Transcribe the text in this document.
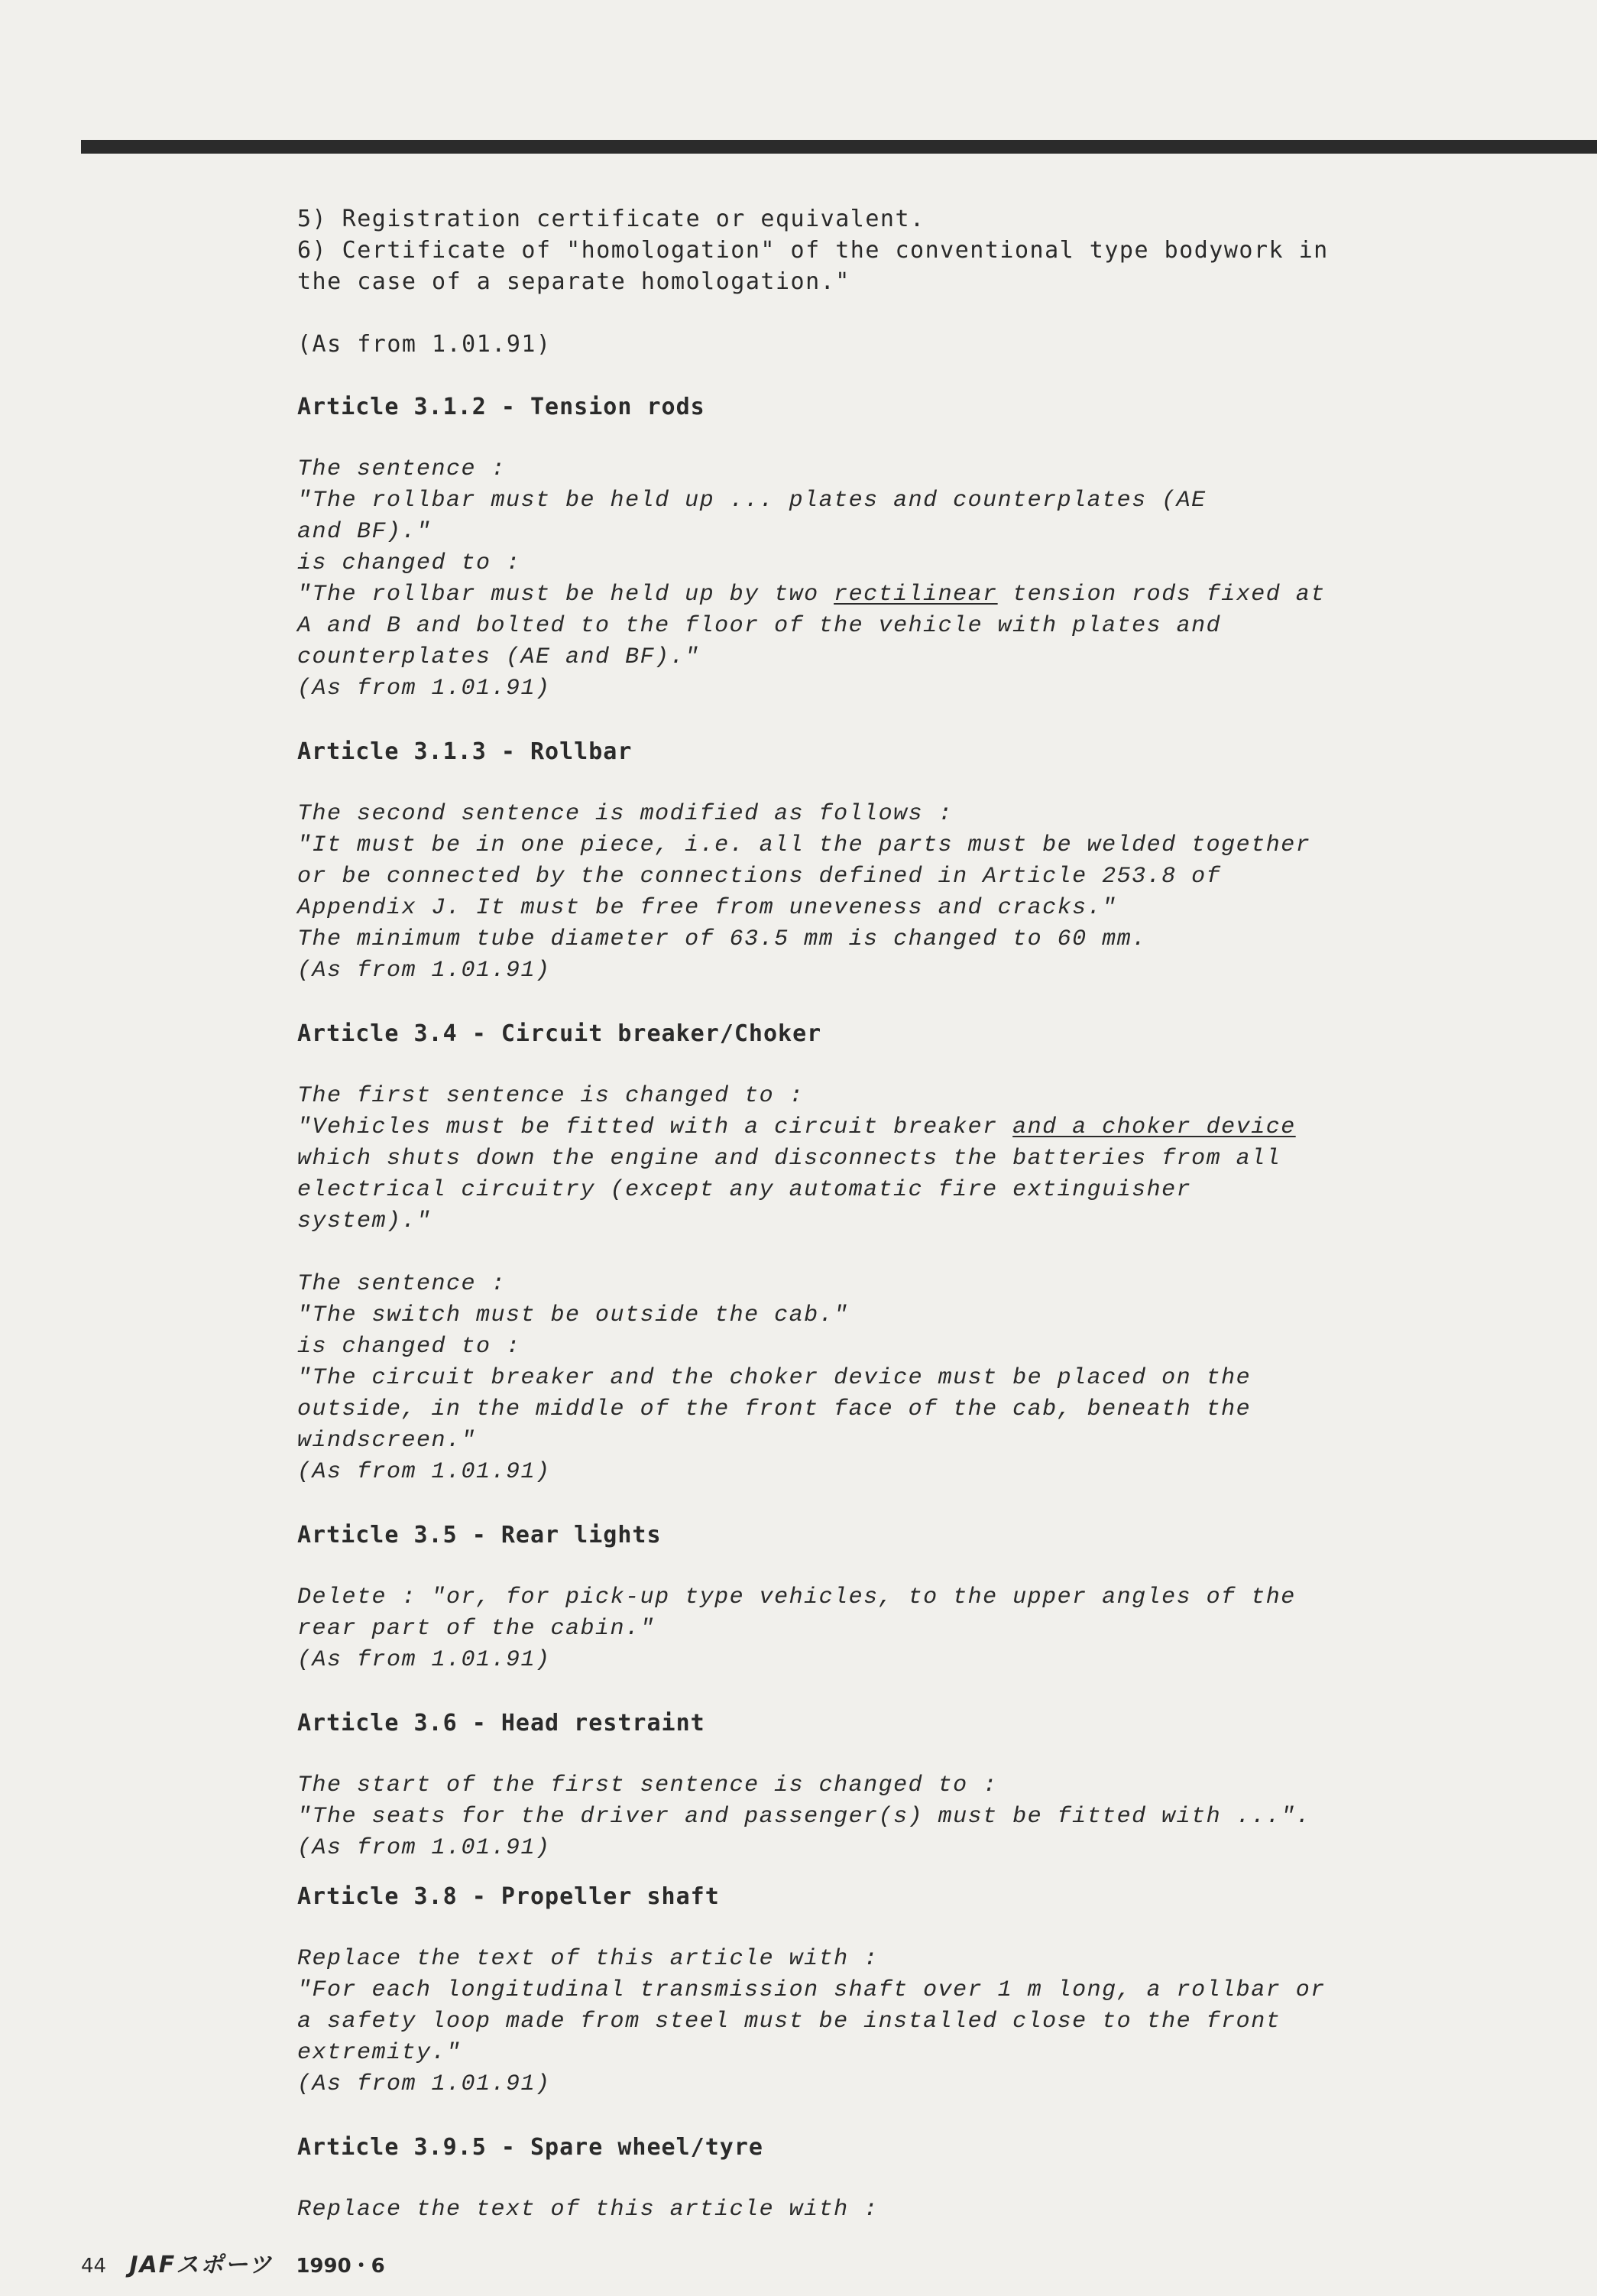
5) Registration certificate or equivalent.

6) Certificate of "homologation" of the conventional type bodywork in

the case of a separate homologation."

(As from 1.01.91)

Article 3.1.2 - Tension rods

The sentence :

"The rollbar must be held up ... plates and counterplates (AE

and BF)."

is changed to :

"The rollbar must be held up by two rectilinear tension rods fixed at

A and B and bolted to the floor of the vehicle with plates and

counterplates (AE and BF)."

(As from 1.01.91)

Article 3.1.3 - Rollbar

The second sentence is modified as follows :

"It must be in one piece, i.e. all the parts must be welded together

or be connected by the connections defined in Article 253.8 of

Appendix J. It must be free from uneveness and cracks."

The minimum tube diameter of 63.5 mm is changed to 60 mm.

(As from 1.01.91)

Article 3.4 - Circuit breaker/Choker

The first sentence is changed to :

"Vehicles must be fitted with a circuit breaker and a choker device

which shuts down the engine and disconnects the batteries from all

electrical circuitry (except any automatic fire extinguisher

system)."

The sentence :

"The switch must be outside the cab."

is changed to :

"The circuit breaker and the choker device must be placed on the

outside, in the middle of the front face of the cab, beneath the

windscreen."

(As from 1.01.91)

Article 3.5 - Rear lights

Delete : "or, for pick-up type vehicles, to the upper angles of the

rear part of the cabin."

(As from 1.01.91)

Article 3.6 - Head restraint

The start of the first sentence is changed to :

"The seats for the driver and passenger(s) must be fitted with ...".

(As from 1.01.91)

Article 3.8 - Propeller shaft

Replace the text of this article with :

"For each longitudinal transmission shaft over 1 m long, a rollbar or

a safety loop made from steel must be installed close to the front

extremity."

(As from 1.01.91)

Article 3.9.5 - Spare wheel/tyre

Replace the text of this article with :

44 JAFスポーツ 1990・6
